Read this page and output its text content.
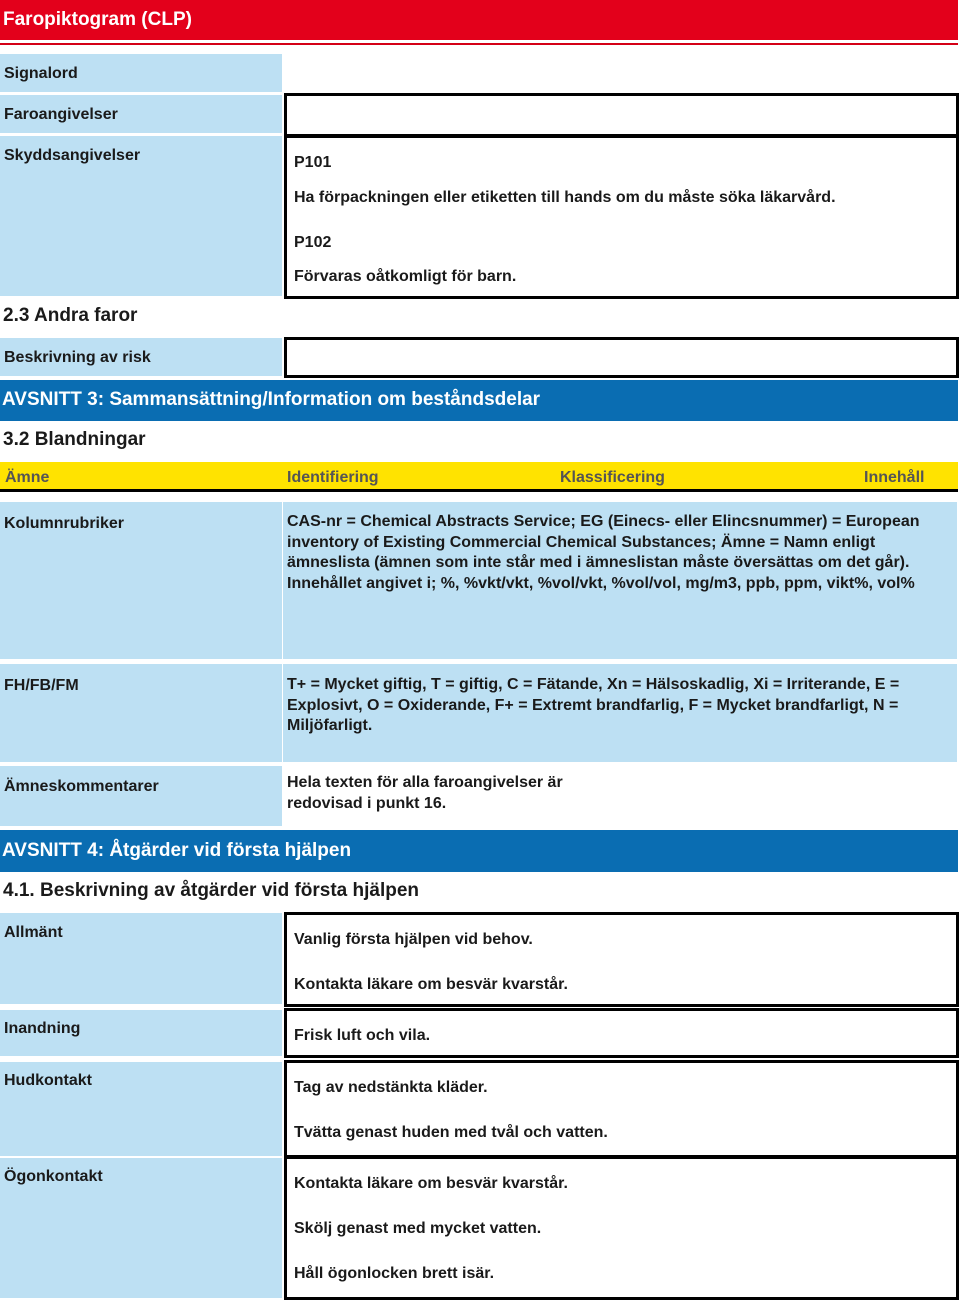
Faropiktogram (CLP)
Signalord
Faroangivelser
Skyddsangivelser	P101
Ha förpackningen eller etiketten till hands om du måste söka läkarvård.
P102
Förvaras oåtkomligt för barn.
2.3 Andra faror
Beskrivning av risk
AVSNITT 3: Sammansättning/Information om beståndsdelar
3.2 Blandningar
Ämne	Identifiering	Klassificering	Innehåll
Kolumnrubriker	CAS-nr = Chemical Abstracts Service; EG (Einecs- eller Elincsnummer) = European inventory of Existing Commercial Chemical Substances; Ämne = Namn enligt ämneslista (ämnen som inte står med i ämneslistan måste översättas om det går). Innehållet angivet i; %, %vkt/vkt, %vol/vkt, %vol/vol, mg/m3, ppb, ppm, vikt%, vol%
FH/FB/FM	T+ = Mycket giftig, T = giftig, C = Fätande, Xn = Hälsoskadlig, Xi = Irriterande, E = Explosivt, O = Oxiderande, F+ = Extremt brandfarlig, F = Mycket brandfarligt, N = Miljöfarligt.
Ämneskommentarer	Hela texten för alla faroangivelser är redovisad i punkt 16.
AVSNITT 4: Åtgärder vid första hjälpen
4.1. Beskrivning av åtgärder vid första hjälpen
Allmänt	Vanlig första hjälpen vid behov.
Kontakta läkare om besvär kvarstår.
Inandning	Frisk luft och vila.
Hudkontakt	Tag av nedstänkta kläder.
Tvätta genast huden med tvål och vatten.
Ögonkontakt	Kontakta läkare om besvär kvarstår.
Skölj genast med mycket vatten.
Håll ögonlocken brett isär.
